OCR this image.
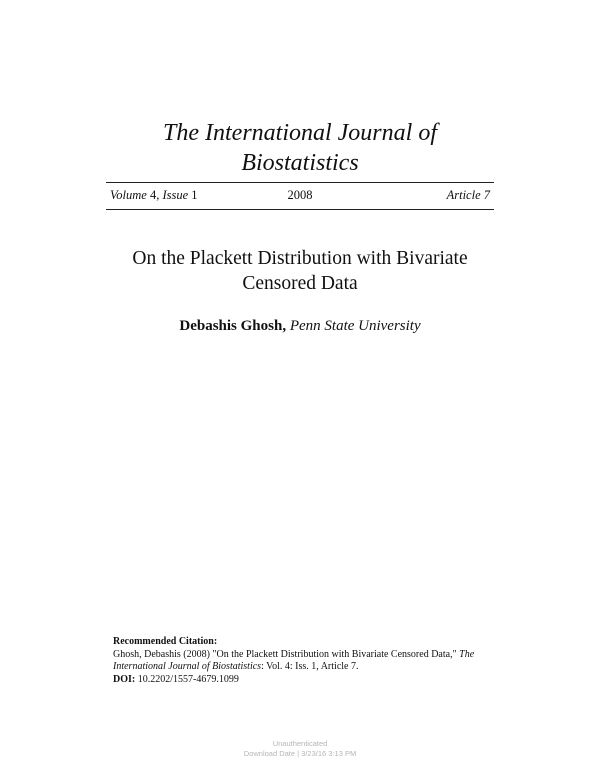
The International Journal of
Biostatistics
Volume 4, Issue 1	2008	Article 7
On the Plackett Distribution with Bivariate
Censored Data
Debashis Ghosh, Penn State University
Recommended Citation:
Ghosh, Debashis (2008) "On the Plackett Distribution with Bivariate Censored Data," The International Journal of Biostatistics: Vol. 4: Iss. 1, Article 7.
DOI: 10.2202/1557-4679.1099
Unauthenticated
Download Date | 3/23/16 3:13 PM
